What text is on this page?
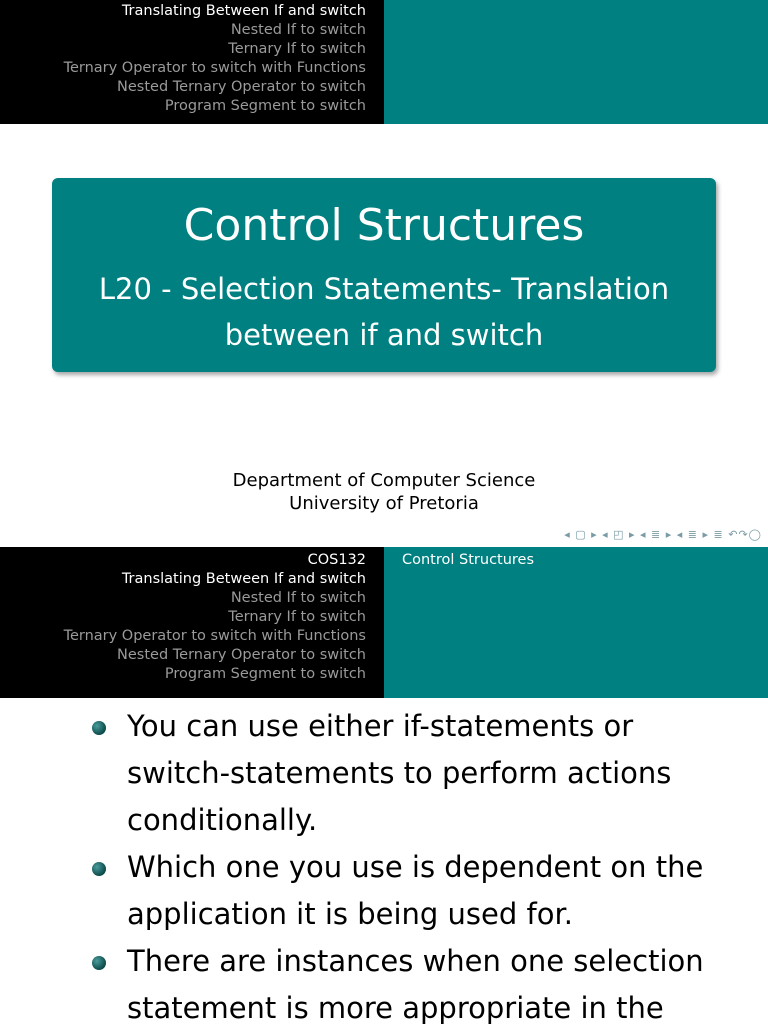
Translating Between If and switch
Nested If to switch
Ternary If to switch
Ternary Operator to switch with Functions
Nested Ternary Operator to switch
Program Segment to switch
Control Structures
L20 - Selection Statements- Translation between if and switch
Department of Computer Science
University of Pretoria
◂ ▢ ▸ ◂ ◰ ▸ ◂ ≣ ▸ ◂ ≣ ▸ ≣ ↶↷◯
COS132
Translating Between If and switch
Nested If to switch
Ternary If to switch
Ternary Operator to switch with Functions
Nested Ternary Operator to switch
Program Segment to switch
Control Structures
You can use either if-statements or switch-statements to perform actions conditionally.
Which one you use is dependent on the application it is being used for.
There are instances when one selection statement is more appropriate in the
